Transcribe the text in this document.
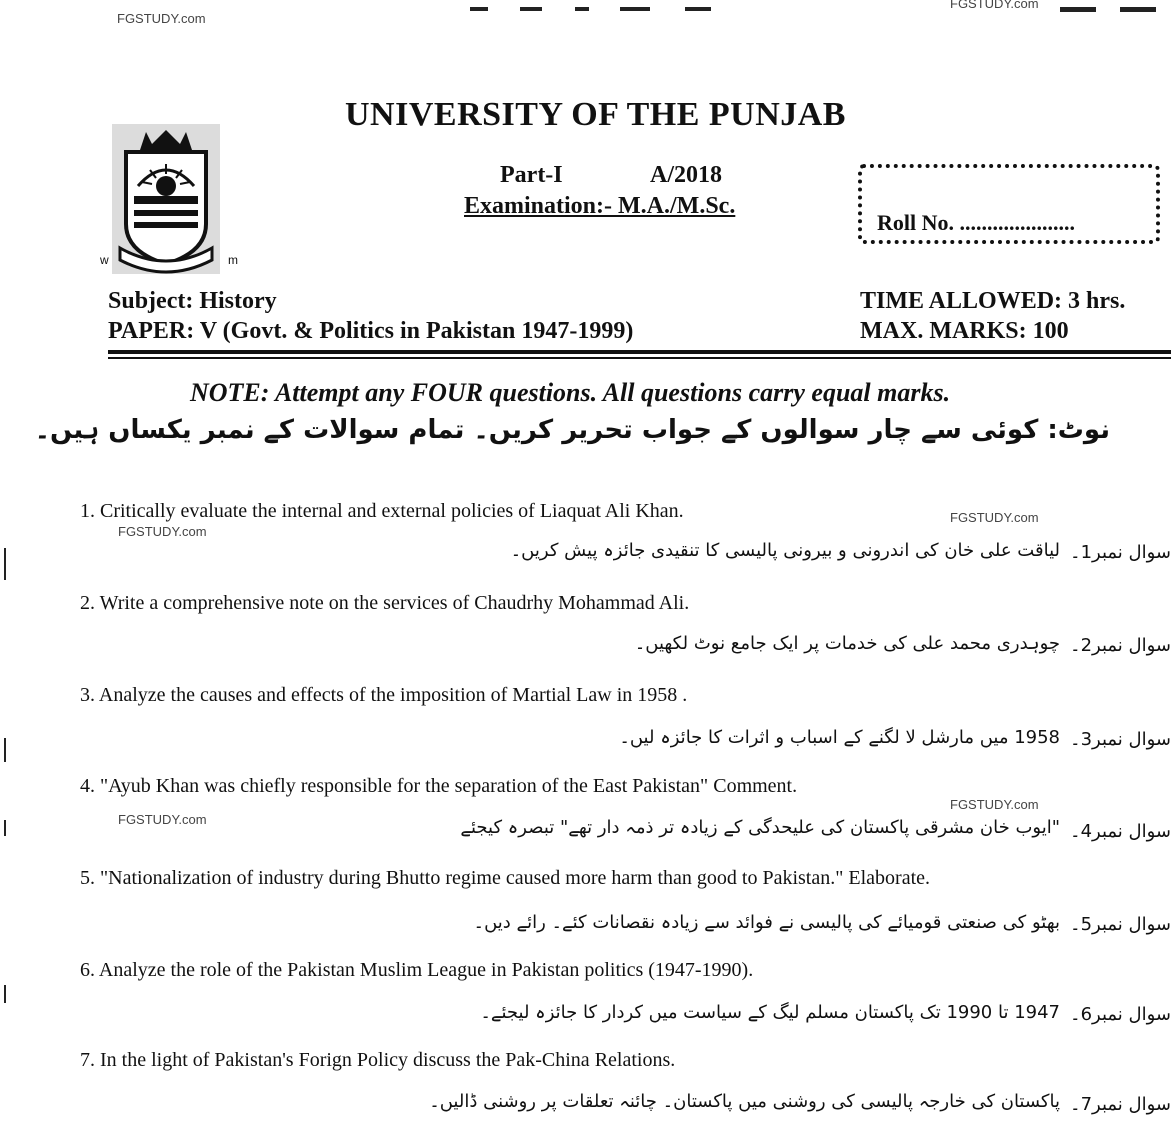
FGSTUDY.com
FGSTUDY.com
w	m
UNIVERSITY OF THE PUNJAB
Part-I	A/2018
Examination:- M.A./M.Sc.
Roll No. .....................
Subject: History
PAPER: V (Govt. & Politics in Pakistan 1947-1999)
TIME ALLOWED: 3 hrs.
MAX. MARKS: 100
NOTE: Attempt any FOUR questions. All questions carry equal marks.
نوٹ: کوئی سے چار سوالوں کے جواب تحریر کریں۔ تمام سوالات کے نمبر یکساں ہیں۔
1. Critically evaluate the internal and external policies of Liaquat Ali Khan.	FGSTUDY.com
FGSTUDY.com
لیاقت علی خان کی اندرونی و بیرونی پالیسی کا تنقیدی جائزہ پیش کریں۔ سوال نمبر1۔
2. Write a comprehensive note on the services of Chaudrhy Mohammad Ali.
چوہدری محمد علی کی خدمات پر ایک جامع نوٹ لکھیں۔ سوال نمبر2۔
3. Analyze the causes and effects of the imposition of Martial Law in 1958 .
1958 میں مارشل لا لگنے کے اسباب و اثرات کا جائزہ لیں۔ سوال نمبر3۔
4. "Ayub Khan was chiefly responsible for the separation of the East Pakistan" Comment.
FGSTUDY.com
FGSTUDY.com	"ایوب خان مشرقی پاکستان کی علیحدگی کے زیادہ تر ذمہ دار تھے" تبصرہ کیجئے سوال نمبر4۔
5. "Nationalization of industry during Bhutto regime caused more harm than good to Pakistan." Elaborate.
بھٹو کی صنعتی قومیائے کی پالیسی نے فوائد سے زیادہ نقصانات کئے۔ رائے دیں۔ سوال نمبر5۔
6. Analyze the role of the Pakistan Muslim League in Pakistan politics (1947-1990).
1947 تا 1990 تک پاکستان مسلم لیگ کے سیاست میں کردار کا جائزہ لیجئے۔ سوال نمبر6۔
7. In the light of Pakistan's Forign Policy discuss the Pak-China Relations.
پاکستان کی خارجہ پالیسی کی روشنی میں پاکستان۔ چائنہ تعلقات پر روشنی ڈالیں۔ سوال نمبر7۔
